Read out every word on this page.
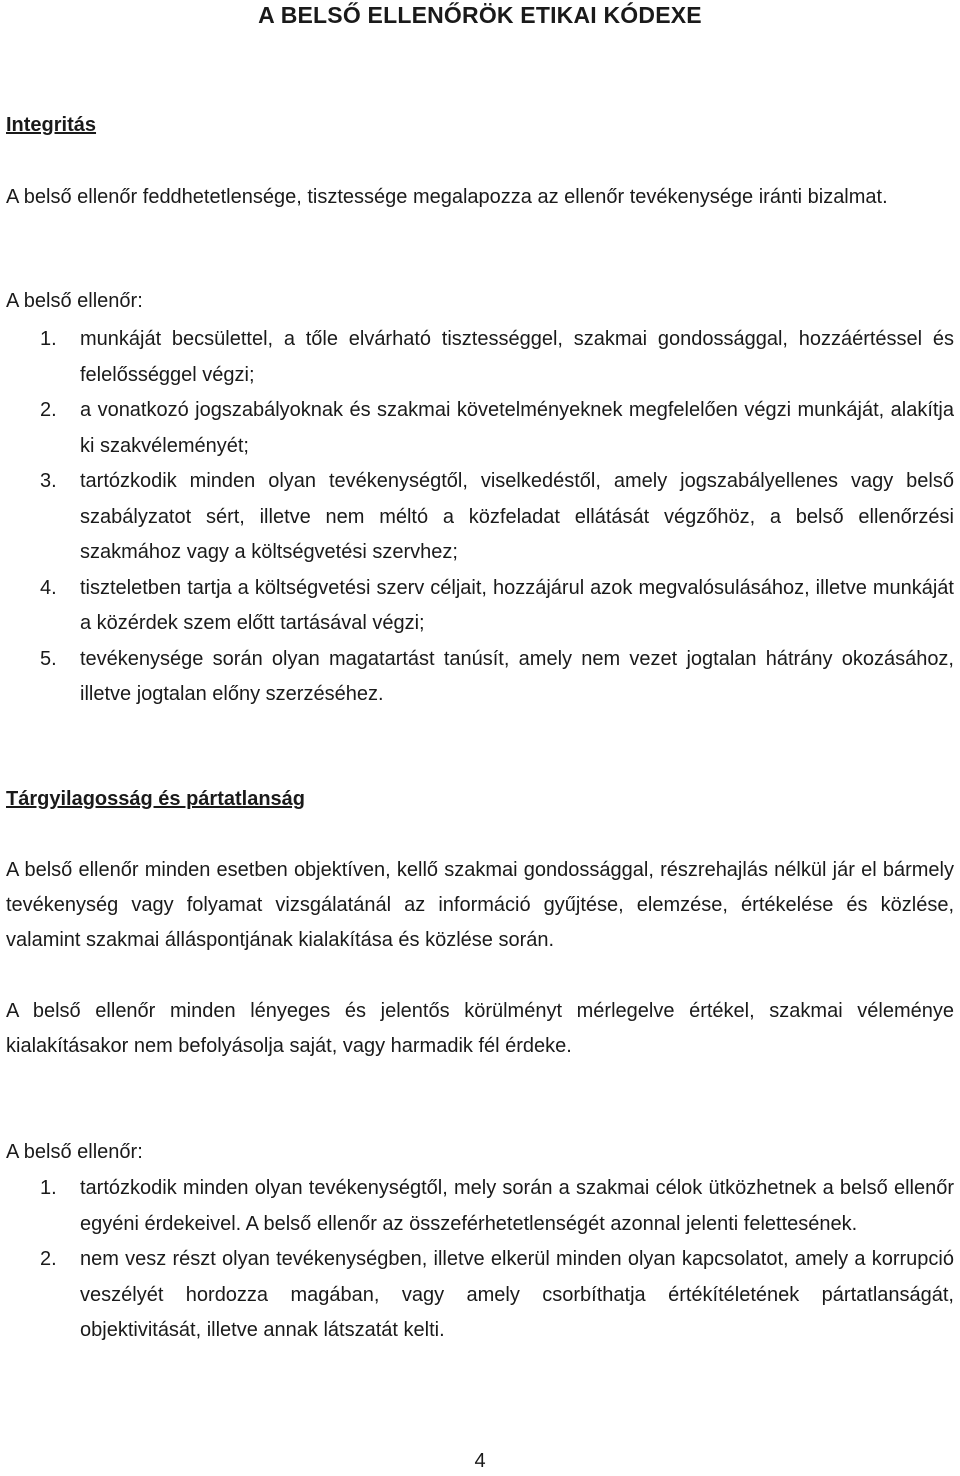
A BELSŐ ELLENŐRÖK ETIKAI KÓDEXE
Integritás

A belső ellenőr feddhetetlensége, tisztessége megalapozza az ellenőr tevékenysége iránti bizalmat.

A belső ellenőr:

1. munkáját becsülettel, a tőle elvárható tisztességgel, szakmai gondossággal, hozzáértéssel és felelősséggel végzi;
2. a vonatkozó jogszabályoknak és szakmai követelményeknek megfelelően végzi munkáját, alakítja ki szakvéleményét;
3. tartózkodik minden olyan tevékenységtől, viselkedéstől, amely jogszabályellenes vagy belső szabályzatot sért, illetve nem méltó a közfeladat ellátását végzőhöz, a belső ellenőrzési szakmához vagy a költségvetési szervhez;
4. tiszteletben tartja a költségvetési szerv céljait, hozzájárul azok megvalósulásához, illetve munkáját a közérdek szem előtt tartásával végzi;
5. tevékenysége során olyan magatartást tanúsít, amely nem vezet jogtalan hátrány okozásához, illetve jogtalan előny szerzéséhez.
Tárgyilagosság és pártatlanság

A belső ellenőr minden esetben objektíven, kellő szakmai gondossággal, részrehajlás nélkül jár el bármely tevékenység vagy folyamat vizsgálatánál az információ gyűjtése, elemzése, értékelése és közlése, valamint szakmai álláspontjának kialakítása és közlése során.

A belső ellenőr minden lényeges és jelentős körülményt mérlegelve értékel, szakmai véleménye kialakításakor nem befolyásolja saját, vagy harmadik fél érdeke.

A belső ellenőr:

1. tartózkodik minden olyan tevékenységtől, mely során a szakmai célok ütközhetnek a belső ellenőr egyéni érdekeivel. A belső ellenőr az összeférhetetlenségét azonnal jelenti felettesének.
2. nem vesz részt olyan tevékenységben, illetve elkerül minden olyan kapcsolatot, amely a korrupció veszélyét hordozza magában, vagy amely csorbíthatja értékítéletének pártatlanságát, objektivitását, illetve annak látszatát kelti.
4
